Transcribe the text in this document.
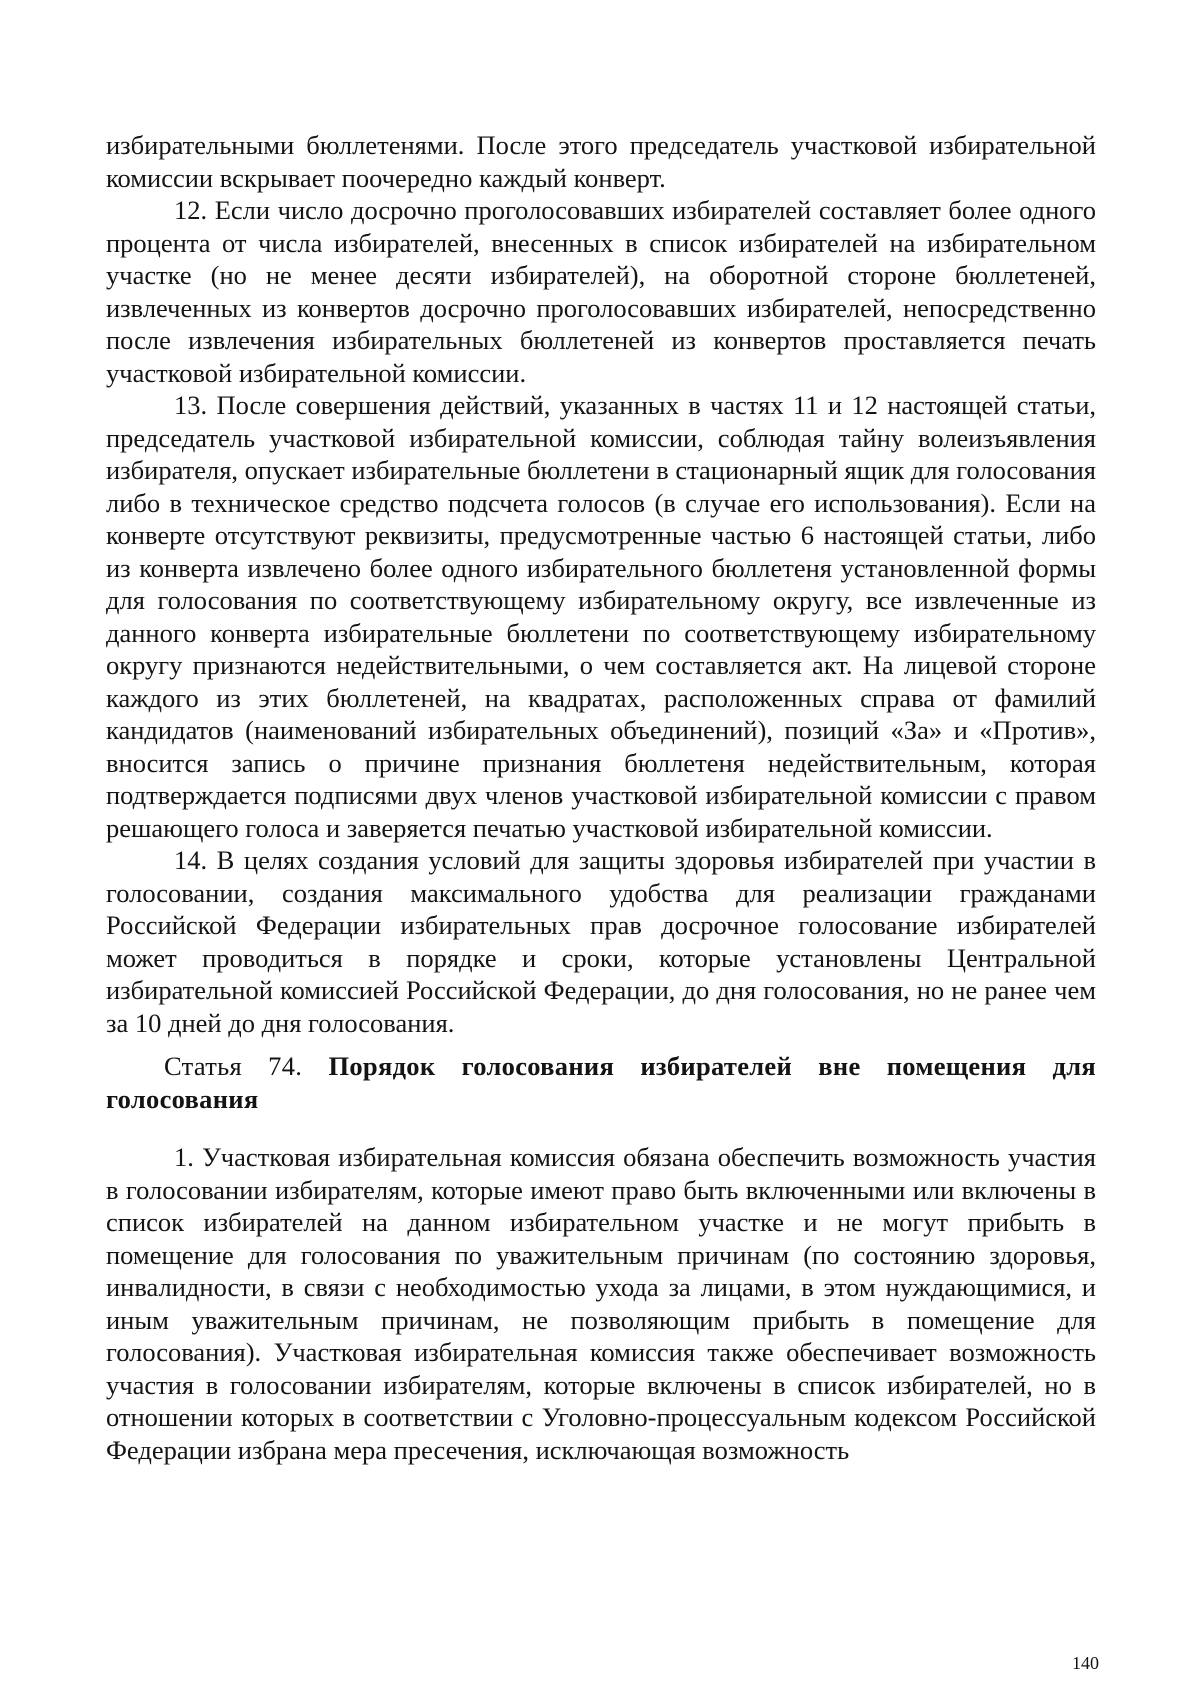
избирательными бюллетенями. После этого председатель участковой избирательной комиссии вскрывает поочередно каждый конверт.

12. Если число досрочно проголосовавших избирателей составляет более одного процента от числа избирателей, внесенных в список избирателей на избирательном участке (но не менее десяти избирателей), на оборотной стороне бюллетеней, извлеченных из конвертов досрочно проголосовавших избирателей, непосредственно после извлечения избирательных бюллетеней из конвертов проставляется печать участковой избирательной комиссии.

13. После совершения действий, указанных в частях 11 и 12 настоящей статьи, председатель участковой избирательной комиссии, соблюдая тайну волеизъявления избирателя, опускает избирательные бюллетени в стационарный ящик для голосования либо в техническое средство подсчета голосов (в случае его использования). Если на конверте отсутствуют реквизиты, предусмотренные частью 6 настоящей статьи, либо из конверта извлечено более одного избирательного бюллетеня установленной формы для голосования по соответствующему избирательному округу, все извлеченные из данного конверта избирательные бюллетени по соответствующему избирательному округу признаются недействительными, о чем составляется акт. На лицевой стороне каждого из этих бюллетеней, на квадратах, расположенных справа от фамилий кандидатов (наименований избирательных объединений), позиций «За» и «Против», вносится запись о причине признания бюллетеня недействительным, которая подтверждается подписями двух членов участковой избирательной комиссии с правом решающего голоса и заверяется печатью участковой избирательной комиссии.

14. В целях создания условий для защиты здоровья избирателей при участии в голосовании, создания максимального удобства для реализации гражданами Российской Федерации избирательных прав досрочное голосование избирателей может проводиться в порядке и сроки, которые установлены Центральной избирательной комиссией Российской Федерации, до дня голосования, но не ранее чем за 10 дней до дня голосования.

Статья 74. Порядок голосования избирателей вне помещения для голосования

1. Участковая избирательная комиссия обязана обеспечить возможность участия в голосовании избирателям, которые имеют право быть включенными или включены в список избирателей на данном избирательном участке и не могут прибыть в помещение для голосования по уважительным причинам (по состоянию здоровья, инвалидности, в связи с необходимостью ухода за лицами, в этом нуждающимися, и иным уважительным причинам, не позволяющим прибыть в помещение для голосования). Участковая избирательная комиссия также обеспечивает возможность участия в голосовании избирателям, которые включены в список избирателей, но в отношении которых в соответствии с Уголовно-процессуальным кодексом Российской Федерации избрана мера пресечения, исключающая возможность

140
